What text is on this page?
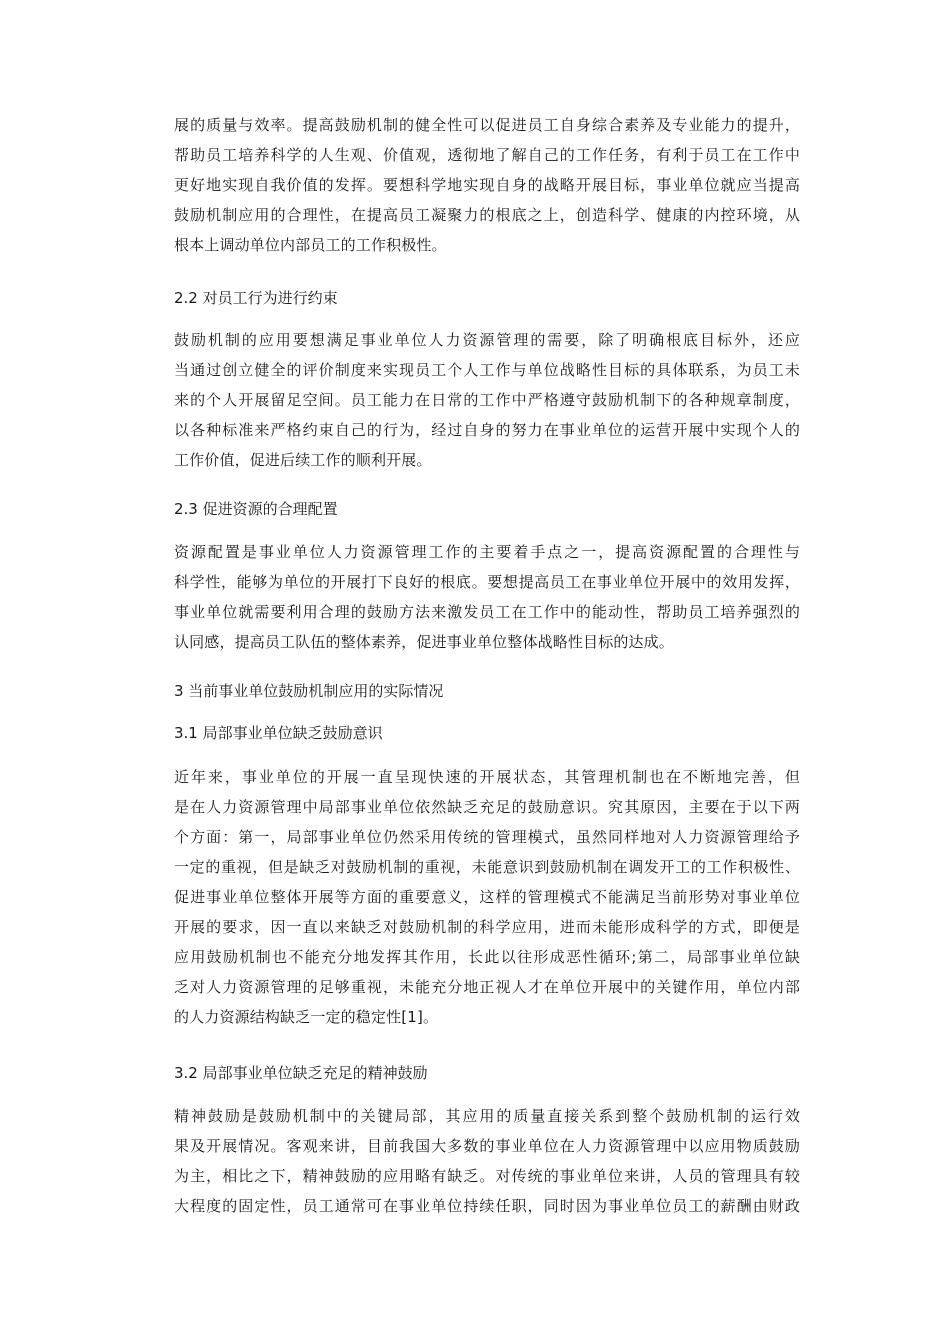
展的质量与效率。提高鼓励机制的健全性可以促进员工自身综合素养及专业能力的提升，
帮助员工培养科学的人生观、价值观，透彻地了解自己的工作任务，有利于员工在工作中
更好地实现自我价值的发挥。要想科学地实现自身的战略开展目标，事业单位就应当提高
鼓励机制应用的合理性，在提高员工凝聚力的根底之上，创造科学、健康的内控环境，从
根本上调动单位内部员工的工作积极性。

2.2 对员工行为进行约束

鼓励机制的应用要想满足事业单位人力资源管理的需要，除了明确根底目标外，还应
当通过创立健全的评价制度来实现员工个人工作与单位战略性目标的具体联系，为员工未
来的个人开展留足空间。员工能力在日常的工作中严格遵守鼓励机制下的各种规章制度，
以各种标准来严格约束自己的行为，经过自身的努力在事业单位的运营开展中实现个人的
工作价值，促进后续工作的顺利开展。

2.3 促进资源的合理配置

资源配置是事业单位人力资源管理工作的主要着手点之一，提高资源配置的合理性与
科学性，能够为单位的开展打下良好的根底。要想提高员工在事业单位开展中的效用发挥，
事业单位就需要利用合理的鼓励方法来激发员工在工作中的能动性，帮助员工培养强烈的
认同感，提高员工队伍的整体素养，促进事业单位整体战略性目标的达成。

3 当前事业单位鼓励机制应用的实际情况

3.1 局部事业单位缺乏鼓励意识

近年来，事业单位的开展一直呈现快速的开展状态，其管理机制也在不断地完善，但
是在人力资源管理中局部事业单位依然缺乏充足的鼓励意识。究其原因，主要在于以下两
个方面：第一，局部事业单位仍然采用传统的管理模式，虽然同样地对人力资源管理给予
一定的重视，但是缺乏对鼓励机制的重视，未能意识到鼓励机制在调发开工的工作积极性、
促进事业单位整体开展等方面的重要意义，这样的管理模式不能满足当前形势对事业单位
开展的要求，因一直以来缺乏对鼓励机制的科学应用，进而未能形成科学的方式，即便是
应用鼓励机制也不能充分地发挥其作用，长此以往形成恶性循环;第二，局部事业单位缺
乏对人力资源管理的足够重视，未能充分地正视人才在单位开展中的关键作用，单位内部
的人力资源结构缺乏一定的稳定性[1]。

3.2 局部事业单位缺乏充足的精神鼓励

精神鼓励是鼓励机制中的关键局部，其应用的质量直接关系到整个鼓励机制的运行效
果及开展情况。客观来讲，目前我国大多数的事业单位在人力资源管理中以应用物质鼓励
为主，相比之下，精神鼓励的应用略有缺乏。对传统的事业单位来讲，人员的管理具有较
大程度的固定性，员工通常可在事业单位持续任职，同时因为事业单位员工的薪酬由财政
